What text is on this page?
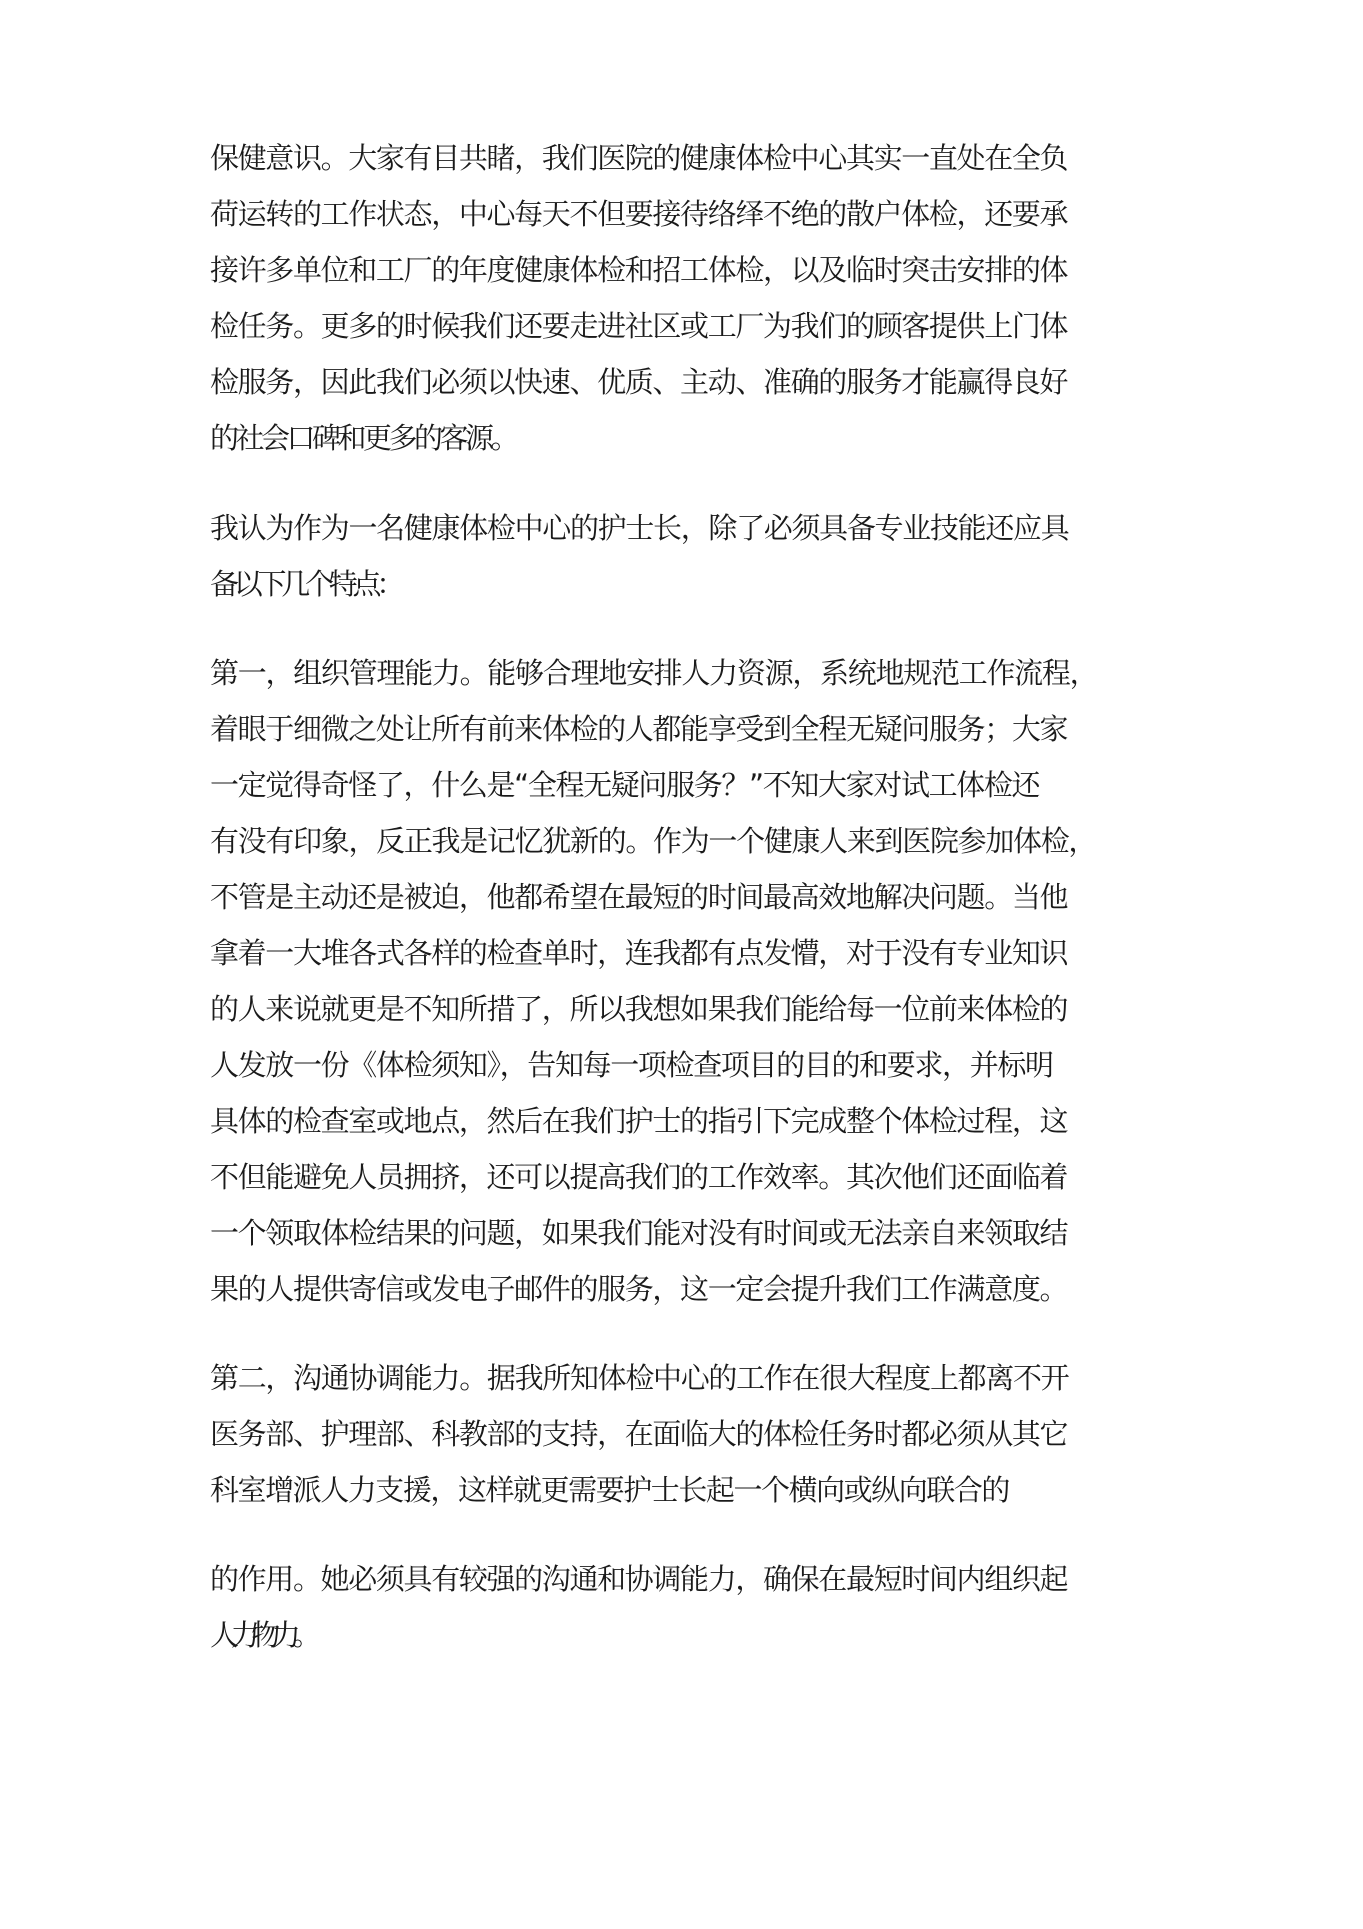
保健意识。大家有目共睹，我们医院的健康体检中心其实一直处在全负

荷运转的工作状态，中心每天不但要接待络绎不绝的散户体检，还要承

接许多单位和工厂的年度健康体检和招工体检，以及临时突击安排的体

检任务。更多的时候我们还要走进社区或工厂为我们的顾客提供上门体

检服务，因此我们必须以快速、优质、主动、准确的服务才能赢得良好

的社会口碑和更多的客源。

我认为作为一名健康体检中心的护士长，除了必须具备专业技能还应具

备以下几个特点：

第一，组织管理能力。能够合理地安排人力资源，系统地规范工作流程，

着眼于细微之处让所有前来体检的人都能享受到全程无疑问服务；大家

一定觉得奇怪了，什么是“全程无疑问服务？”不知大家对试工体检还

有没有印象，反正我是记忆犹新的。作为一个健康人来到医院参加体检，

不管是主动还是被迫，他都希望在最短的时间最高效地解决问题。当他

拿着一大堆各式各样的检查单时，连我都有点发懵，对于没有专业知识

的人来说就更是不知所措了，所以我想如果我们能给每一位前来体检的

人发放一份《体检须知》，告知每一项检查项目的目的和要求，并标明

具体的检查室或地点，然后在我们护士的指引下完成整个体检过程，这

不但能避免人员拥挤，还可以提高我们的工作效率。其次他们还面临着

一个领取体检结果的问题，如果我们能对没有时间或无法亲自来领取结

果的人提供寄信或发电子邮件的服务，这一定会提升我们工作满意度。

第二，沟通协调能力。据我所知体检中心的工作在很大程度上都离不开

医务部、护理部、科教部的支持，在面临大的体检任务时都必须从其它

科室增派人力支援，这样就更需要护士长起一个横向或纵向联合的

的作用。她必须具有较强的沟通和协调能力，确保在最短时间内组织起

人力物力。
